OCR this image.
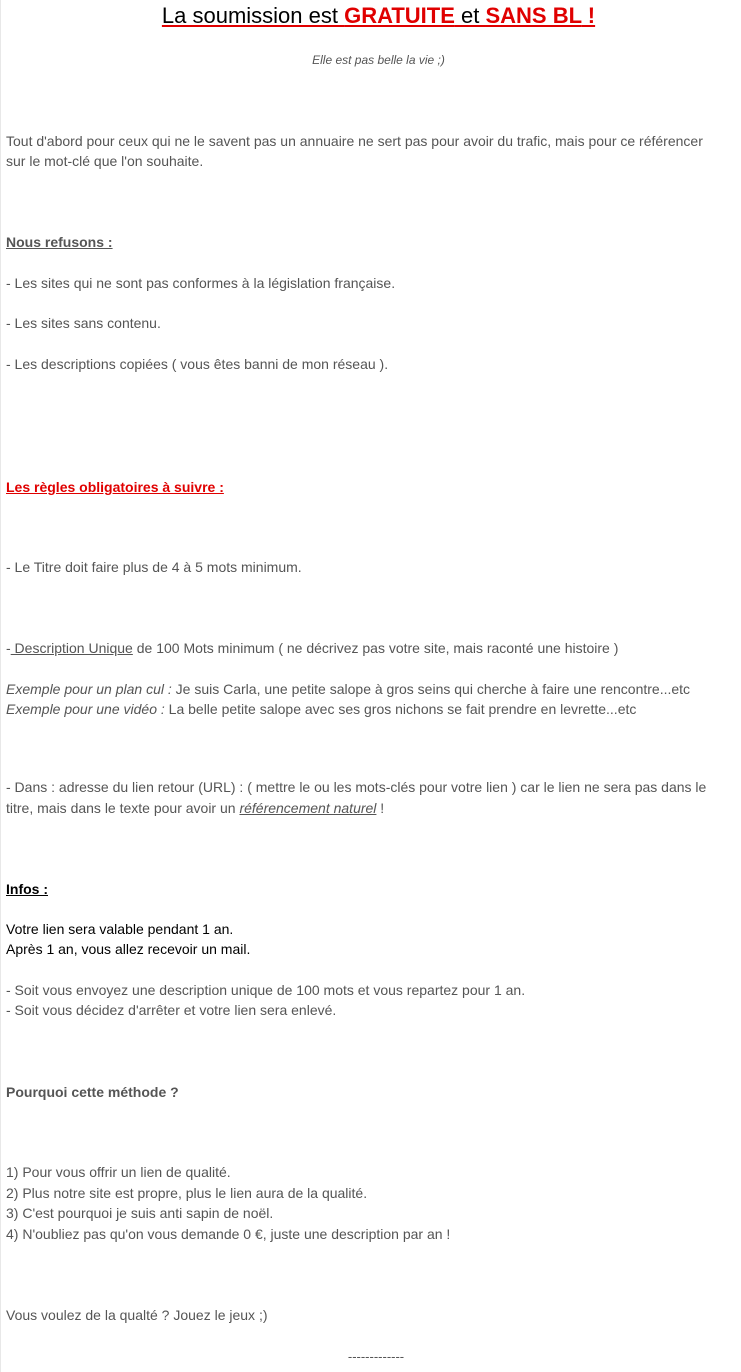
La soumission est GRATUITE et SANS BL !
Elle est pas belle la vie ;)
Tout d'abord pour ceux qui ne le savent pas un annuaire ne sert pas pour avoir du trafic, mais pour ce référencer
sur le mot-clé que l'on souhaite.
Nous refusons :
- Les sites qui ne sont pas conformes à la législation française.
- Les sites sans contenu.
- Les descriptions copiées ( vous êtes banni de mon réseau ).
Les règles obligatoires à suivre :
- Le Titre doit faire plus de 4 à 5 mots minimum.
- Description Unique de 100 Mots minimum ( ne décrivez pas votre site, mais raconté une histoire )
Exemple pour un plan cul : Je suis Carla, une petite salope à gros seins qui cherche à faire une rencontre...etc
Exemple pour une vidéo : La belle petite salope avec ses gros nichons se fait prendre en levrette...etc
- Dans : adresse du lien retour (URL) : ( mettre le ou les mots-clés pour votre lien ) car le lien ne sera pas dans le
titre, mais dans le texte pour avoir un référencement naturel !
Infos :
Votre lien sera valable pendant 1 an.
Après 1 an, vous allez recevoir un mail.
- Soit vous envoyez une description unique de 100 mots et vous repartez pour 1 an.
- Soit vous décidez d'arrêter et votre lien sera enlevé.
Pourquoi cette méthode ?
1) Pour vous offrir un lien de qualité.
2) Plus notre site est propre, plus le lien aura de la qualité.
3) C'est pourquoi je suis anti sapin de noël.
4) N'oubliez pas qu'on vous demande 0 €, juste une description par an !
Vous voulez de la qualté ? Jouez le jeux ;)
-------------
